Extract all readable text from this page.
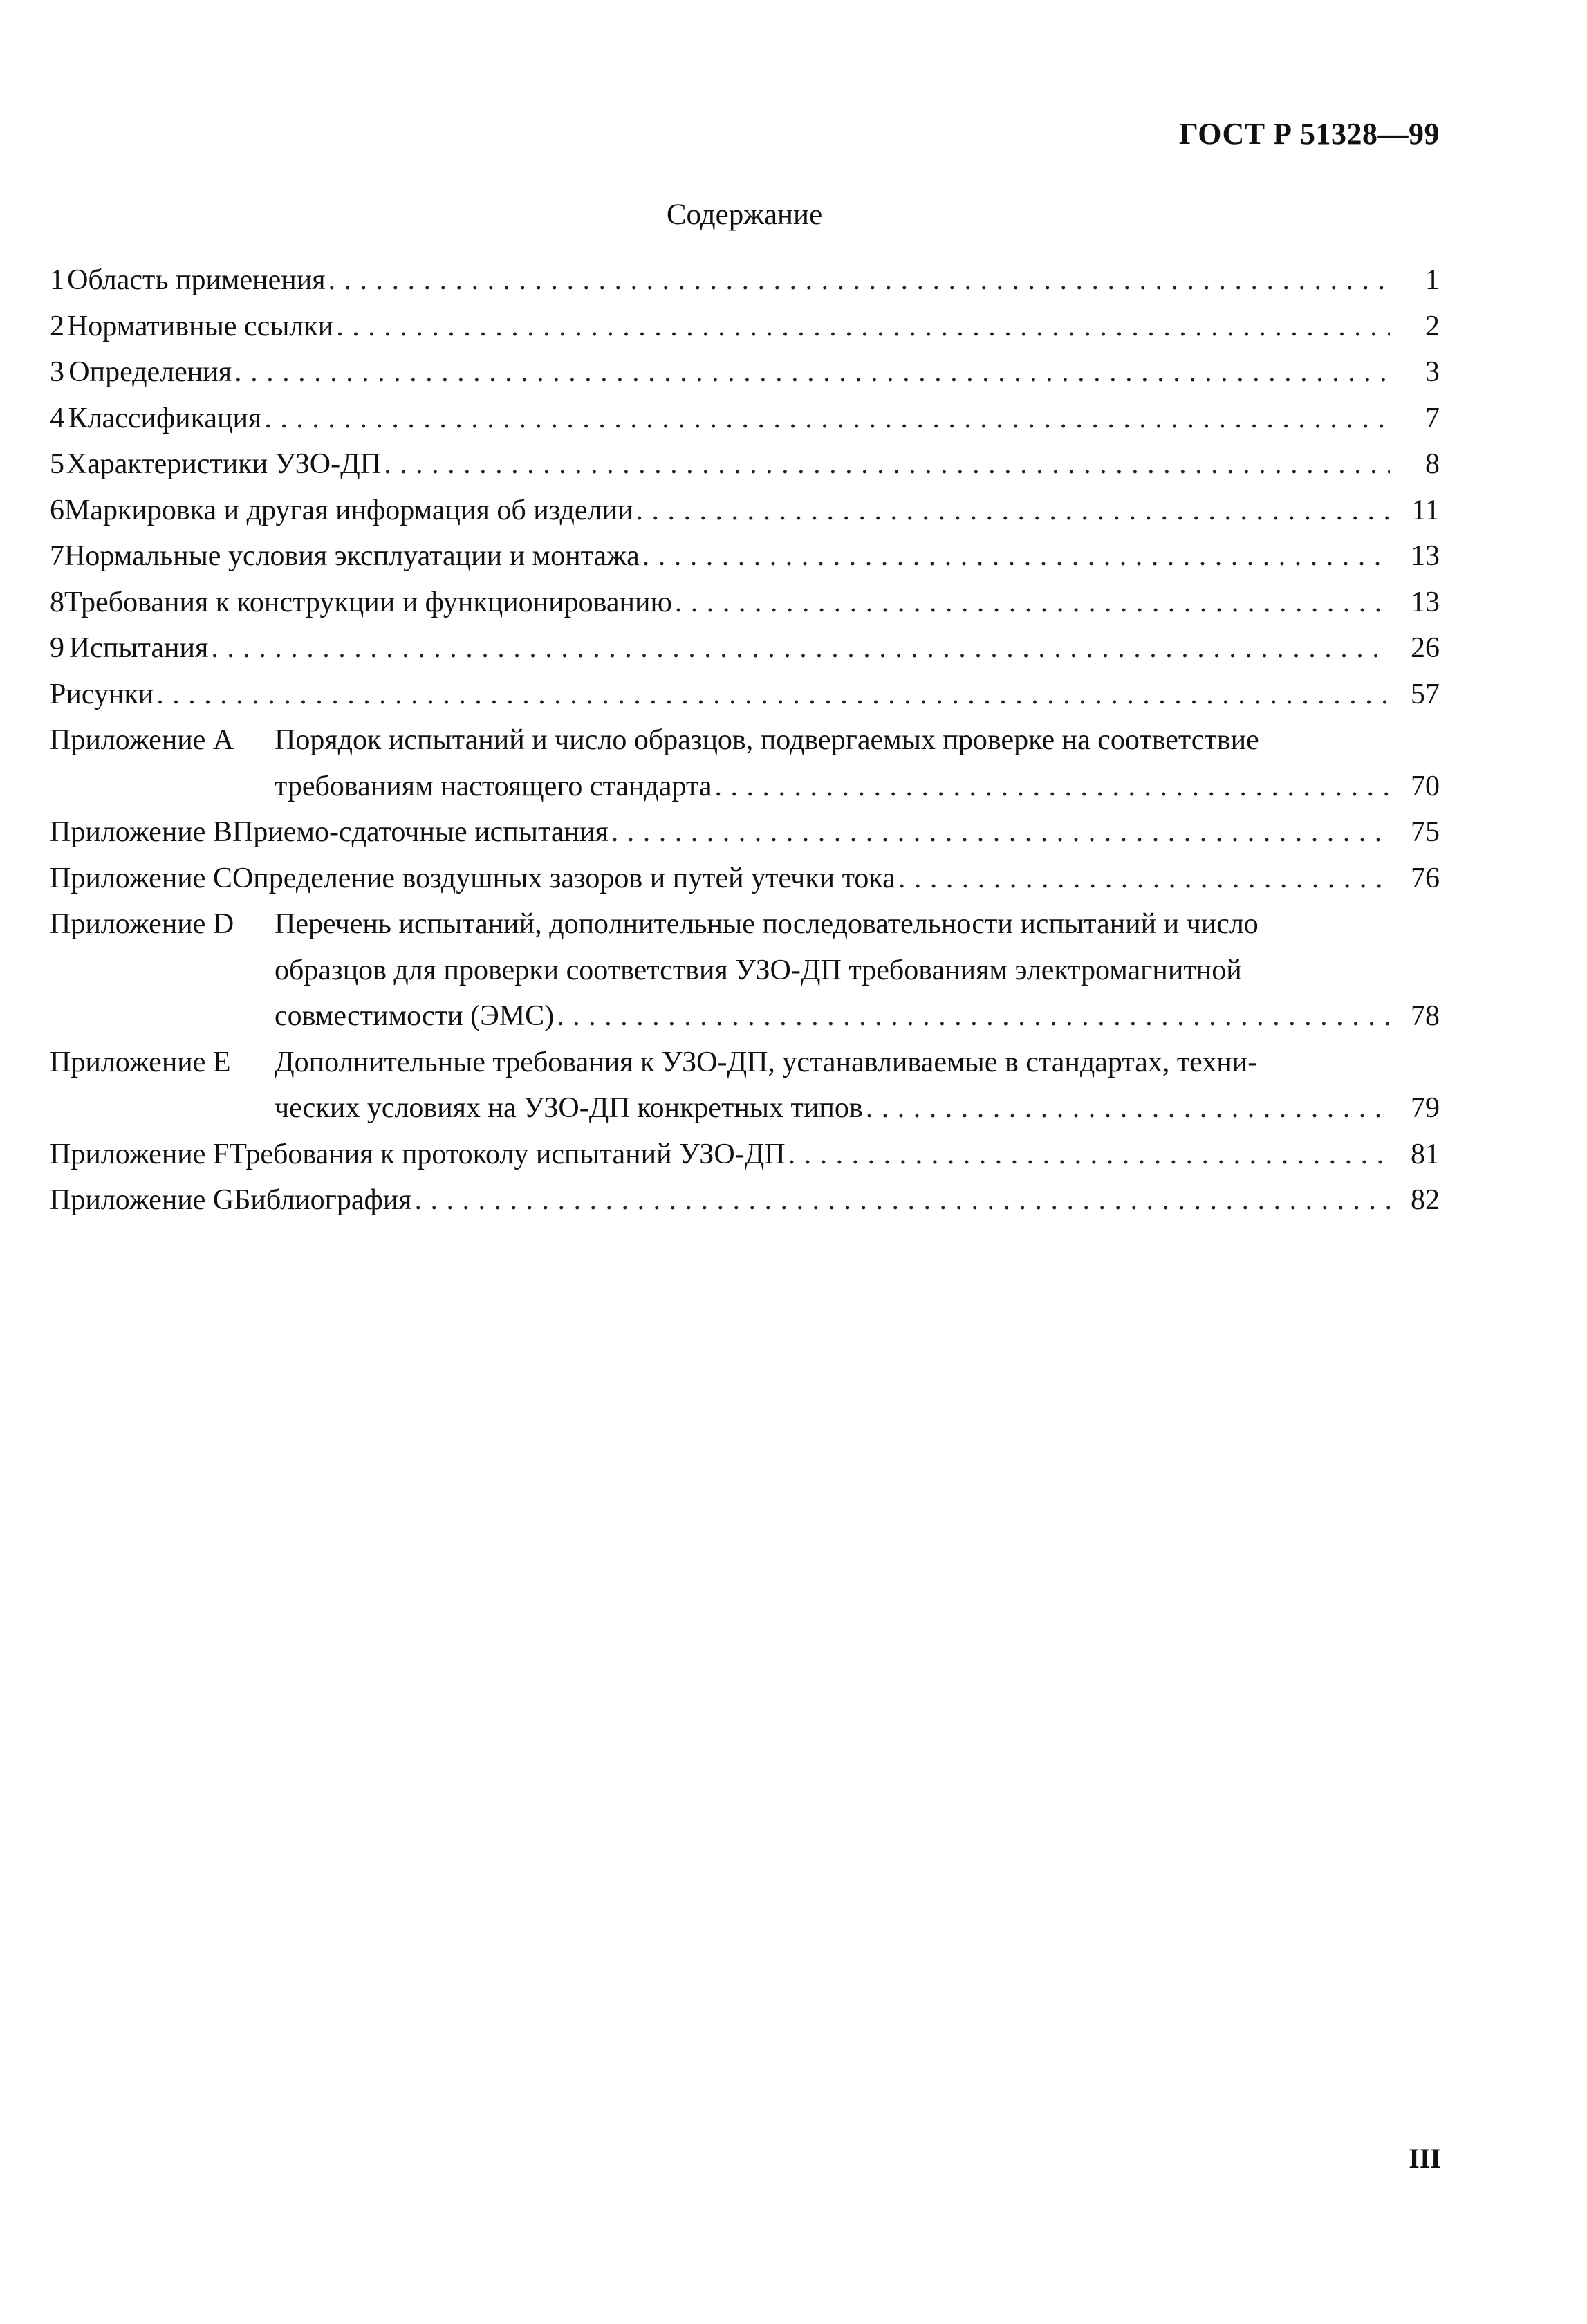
ГОСТ Р 51328—99
Содержание
1 Область применения . . .	1
2 Нормативные ссылки . . .	2
3 Определения . . .	3
4 Классификация . . .	7
5 Характеристики УЗО-ДП . . .	8
6 Маркировка и другая информация об изделии . . .	11
7 Нормальные условия эксплуатации и монтажа . . .	13
8 Требования к конструкции и функционированию . . .	13
9 Испытания . . .	26
Рисунки . . .	57
Приложение А	Порядок испытаний и число образцов, подвергаемых проверке на соответствие
требованиям настоящего стандарта . . .	70
Приложение В Приемо-сдаточные испытания . . .	75
Приложение С Определение воздушных зазоров и путей утечки тока . . .	76
Приложение D	Перечень испытаний, дополнительные последовательности испытаний и число
образцов для проверки соответствия УЗО-ДП требованиям электромагнитной
совместимости (ЭМС) . . .	78
Приложение Е	Дополнительные требования к УЗО-ДП, устанавливаемые в стандартах, техни-
ческих условиях на УЗО-ДП конкретных типов . . .	79
Приложение F Требования к протоколу испытаний УЗО-ДП . . .	81
Приложение G Библиография . . .	82
III
